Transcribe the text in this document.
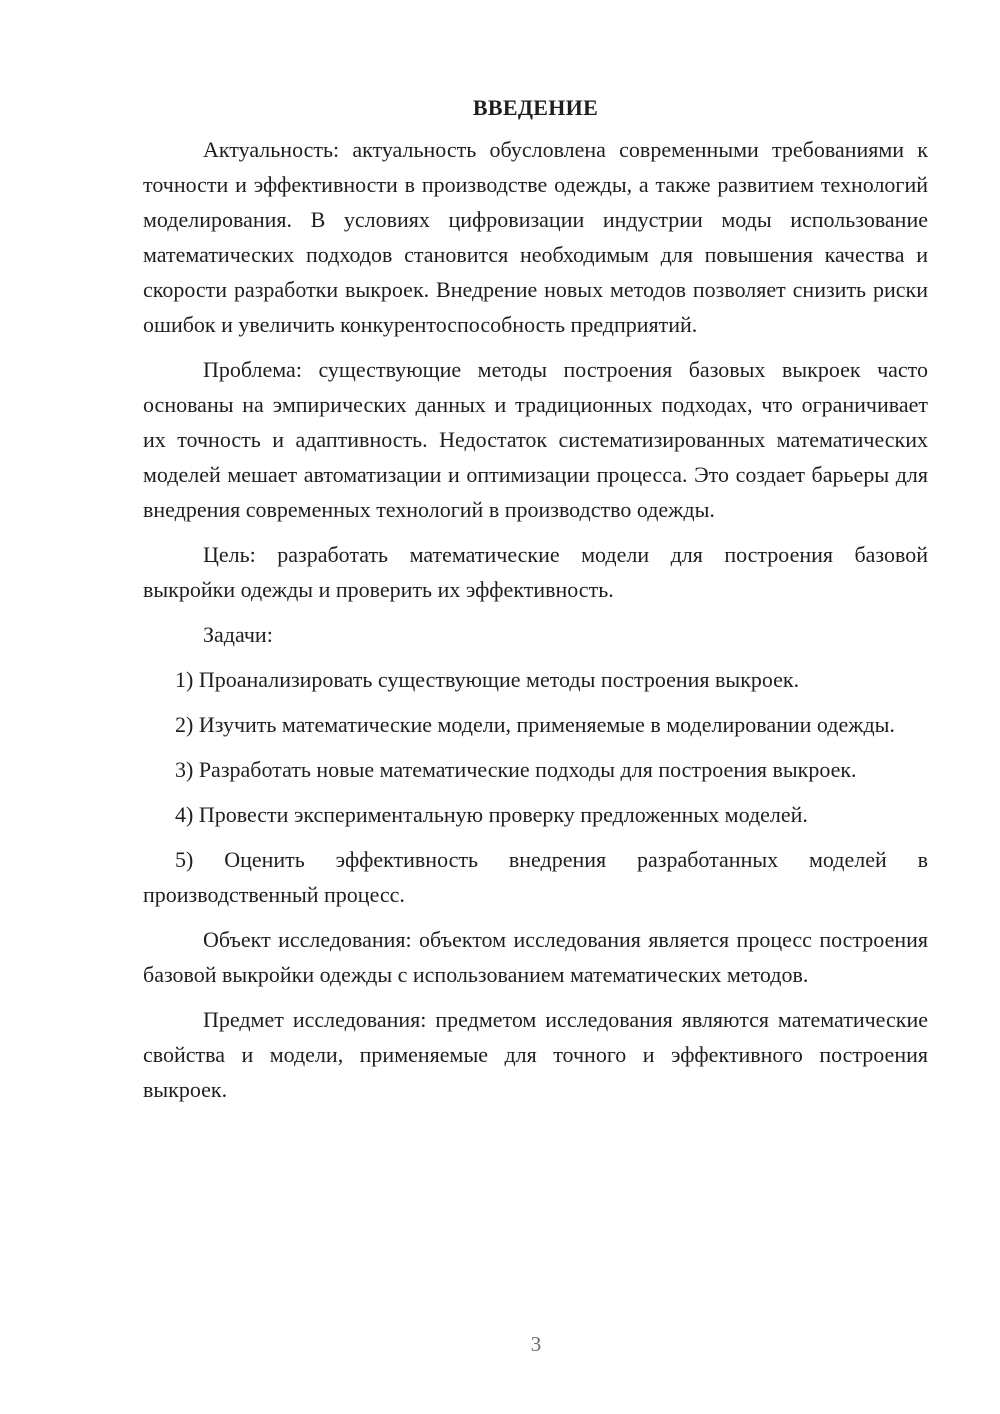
ВВЕДЕНИЕ

Актуальность: актуальность обусловлена современными требованиями к точности и эффективности в производстве одежды, а также развитием технологий моделирования. В условиях цифровизации индустрии моды использование математических подходов становится необходимым для повышения качества и скорости разработки выкроек. Внедрение новых методов позволяет снизить риски ошибок и увеличить конкурентоспособность предприятий.

Проблема: существующие методы построения базовых выкроек часто основаны на эмпирических данных и традиционных подходах, что ограничивает их точность и адаптивность. Недостаток систематизированных математических моделей мешает автоматизации и оптимизации процесса. Это создает барьеры для внедрения современных технологий в производство одежды.

Цель: разработать математические модели для построения базовой выкройки одежды и проверить их эффективность.

Задачи:

1) Проанализировать существующие методы построения выкроек.

2) Изучить математические модели, применяемые в моделировании одежды.

3) Разработать новые математические подходы для построения выкроек.

4) Провести экспериментальную проверку предложенных моделей.

5) Оценить эффективность внедрения разработанных моделей в производственный процесс.

Объект исследования: объектом исследования является процесс построения базовой выкройки одежды с использованием математических методов.

Предмет исследования: предметом исследования являются математические свойства и модели, применяемые для точного и эффективного построения выкроек.

3
